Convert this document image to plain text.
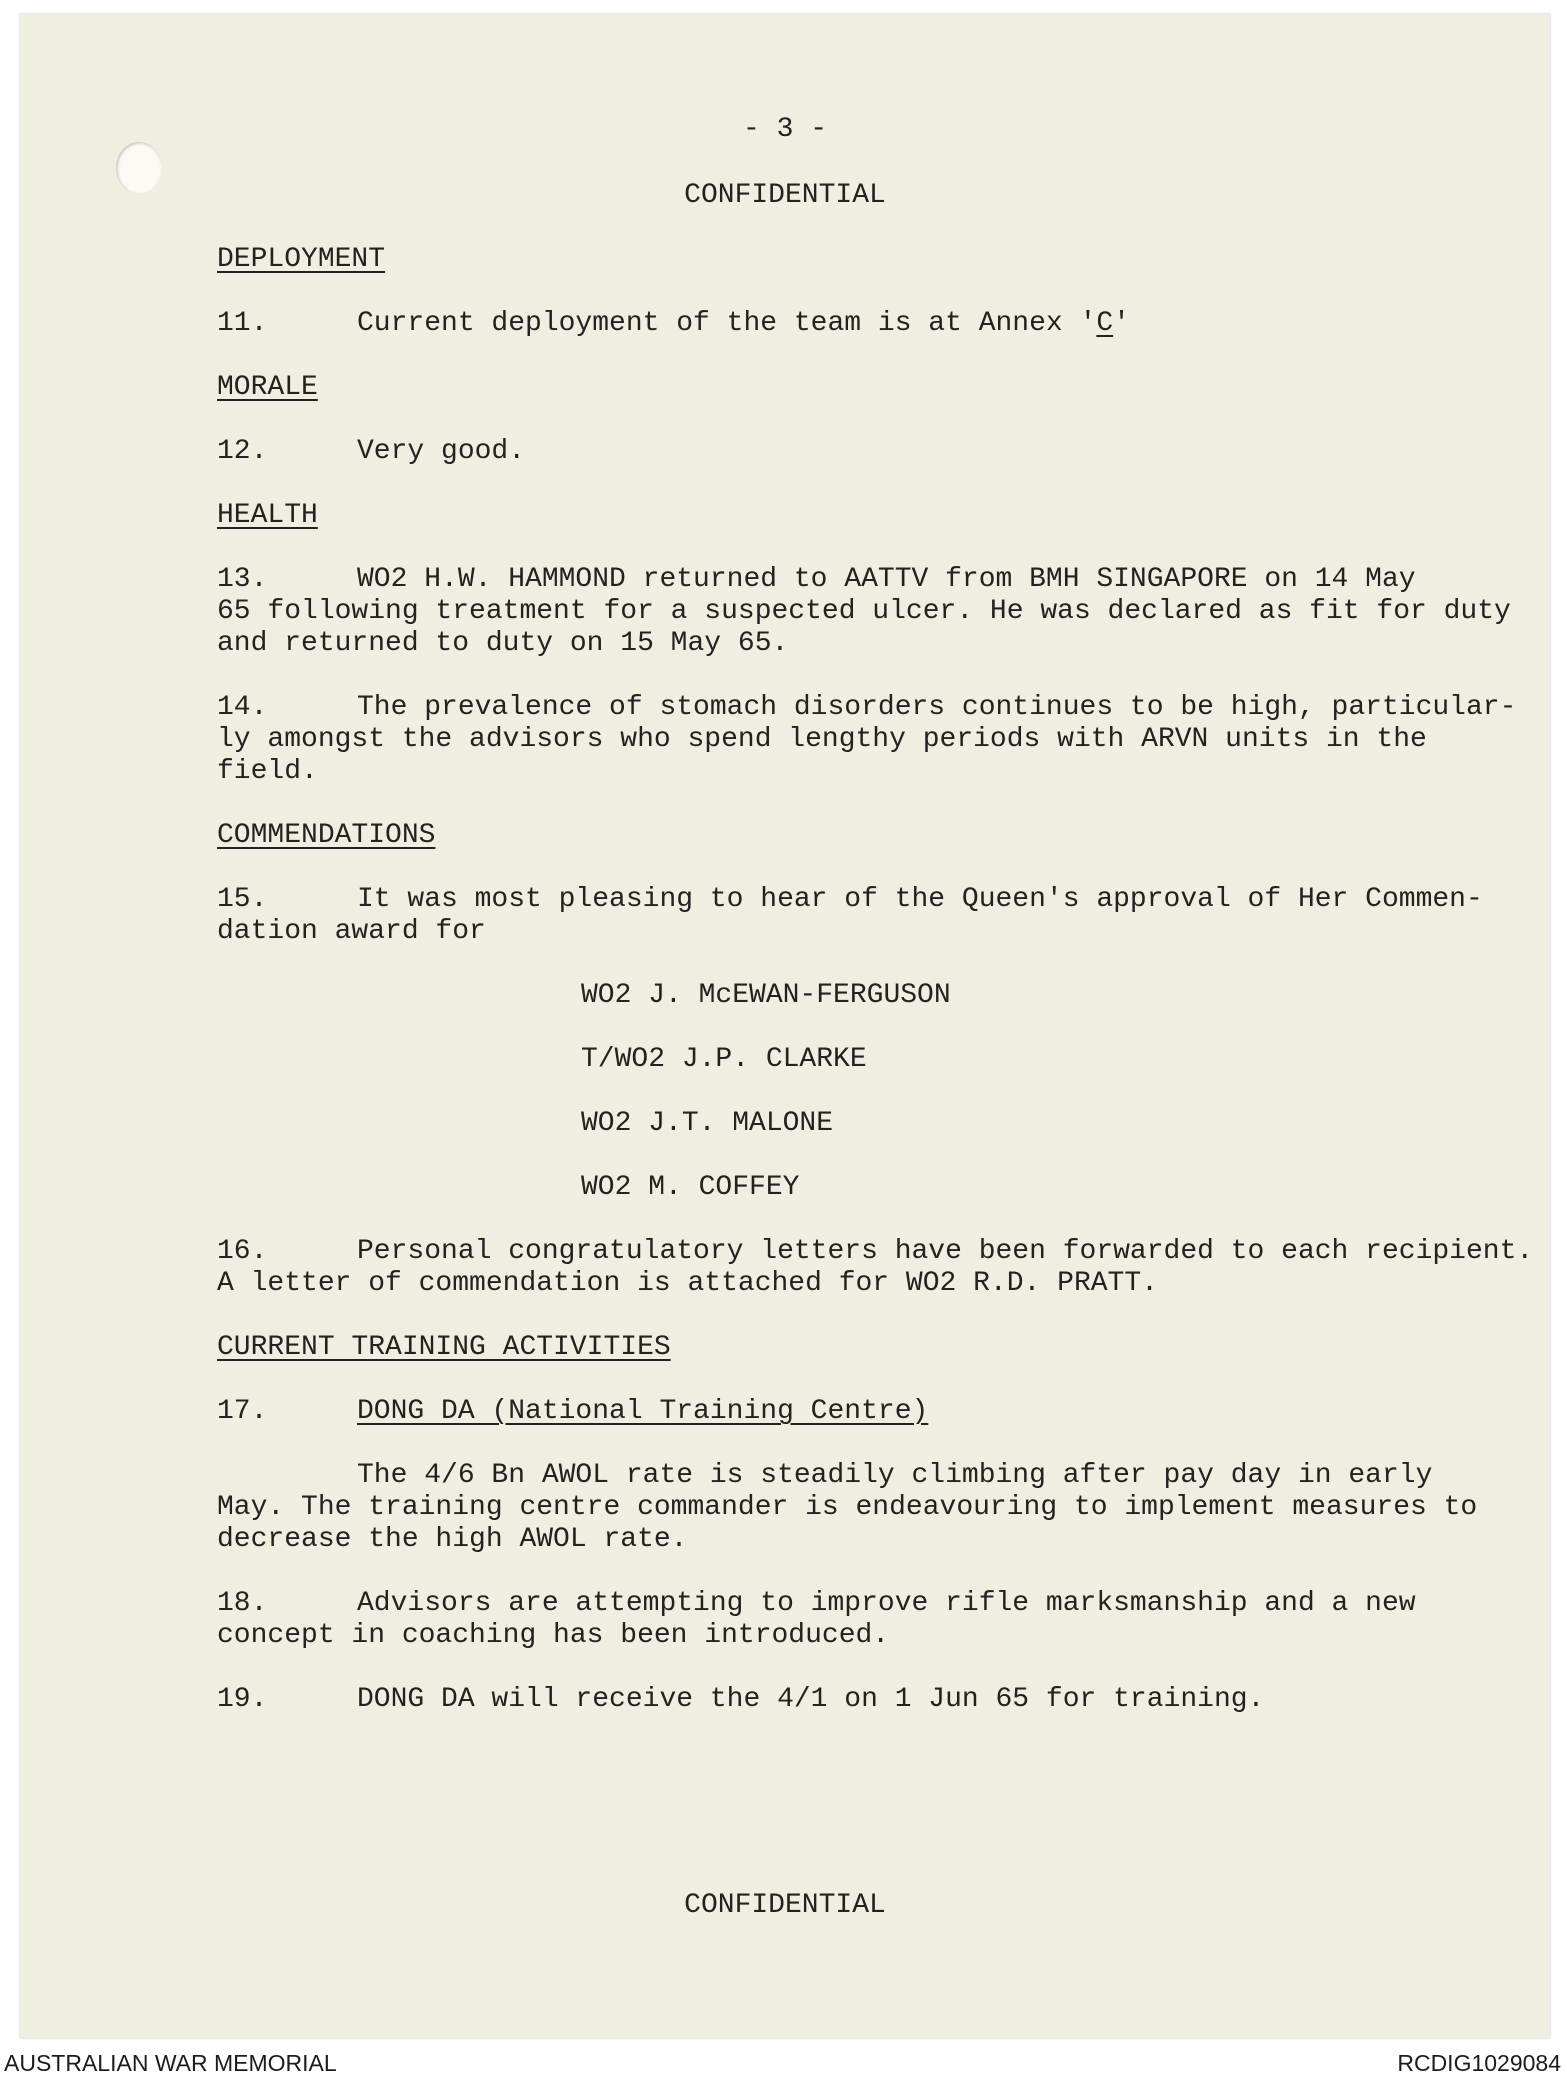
- 3 -
CONFIDENTIAL
DEPLOYMENT
11.	Current deployment of the team is at Annex 'C'
MORALE
12.	Very good.
HEALTH
13.	WO2 H.W. HAMMOND returned to AATTV from BMH SINGAPORE on 14 May
65 following treatment for a suspected ulcer. He was declared as fit for duty
and returned to duty on 15 May 65.
14.	The prevalence of stomach disorders continues to be high, particular-
ly amongst the advisors who spend lengthy periods with ARVN units in the
field.
COMMENDATIONS
15.	It was most pleasing to hear of the Queen's approval of Her Commen-
dation award for
WO2 J. McEWAN-FERGUSON
T/WO2 J.P. CLARKE
WO2 J.T. MALONE
WO2 M. COFFEY
16.	Personal congratulatory letters have been forwarded to each recipient.
A letter of commendation is attached for WO2 R.D. PRATT.
CURRENT TRAINING ACTIVITIES
17.	DONG DA (National Training Centre)
The 4/6 Bn AWOL rate is steadily climbing after pay day in early
May. The training centre commander is endeavouring to implement measures to
decrease the high AWOL rate.
18.	Advisors are attempting to improve rifle marksmanship and a new
concept in coaching has been introduced.
19.	DONG DA will receive the 4/1 on 1 Jun 65 for training.
CONFIDENTIAL
AUSTRALIAN WAR MEMORIAL	RCDIG1029084
